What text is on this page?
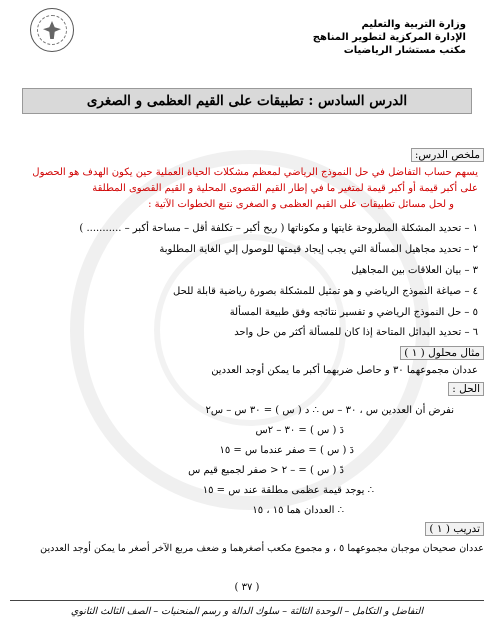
وزارة التربية والتعليم
الإدارة المركزية لتطوير المناهج
مكتب مستشار الرياضيات
الدرس السادس : تطبيقات على القيم العظمى و الصغرى
ملخص الدرس:
يسهم حساب التفاضل في حل النموذج الرياضي لمعظم مشكلات الحياة العملية حين يكون الهدف هو الحصول
على أكبر قيمة أو أكبر قيمة لمتغير ما في إطار القيم القصوى المحلية و القيم القصوى المطلقة
و لحل مسائل تطبيقات على القيم العظمى و الصغرى نتبع الخطوات الآتية :
١ – تحديد المشكلة المطروحة غايتها و مكوناتها ( ربح أكبر – تكلفة أقل – مساحة أكبر – ........... )
٢ – تحديد مجاهيل المسألة التي يجب إيجاد قيمتها للوصول إلي الغاية المطلوبة
٣ – بيان العلاقات بين المجاهيل
٤ – صياغة النموذج الرياضي و هو تمثيل للمشكلة بصورة رياضية قابلة للحل
٥ – حل النموذج الرياضي و تفسير نتائجه وفق طبيعة المسألة
٦ – تحديد البدائل المتاحة إذا كان للمسألة أكثر من حل واحد
مثال محلول ( ١ )
عددان مجموعهما ٣٠ و حاصل ضربهما أكبر ما يمكن أوجد العددين
الحل :
نفرض أن العددين س ، ٣٠ – س ∴ د ( س ) = ٣٠ س – س٢
دَ ( س ) = ٣٠ – ٢س
دَ ( س ) = صفر عندما س = ١٥
دً ( س ) = – ٢ < صفر لجميع قيم س
∴ يوجد قيمة عظمى مطلقة عند س = ١٥
∴ العددان هما ١٥ ، ١٥
تدريب ( ١ )
عددان صحيحان موجبان مجموعهما ٥ ، و مجموع مكعب أصغرهما و ضعف مربع الآخر أصغر ما يمكن أوجد العددين
( ٣٧ )
التفاضل و التكامل – الوحدة الثالثة – سلوك الدالة و رسم المنحنيات – الصف الثالث الثانوي
